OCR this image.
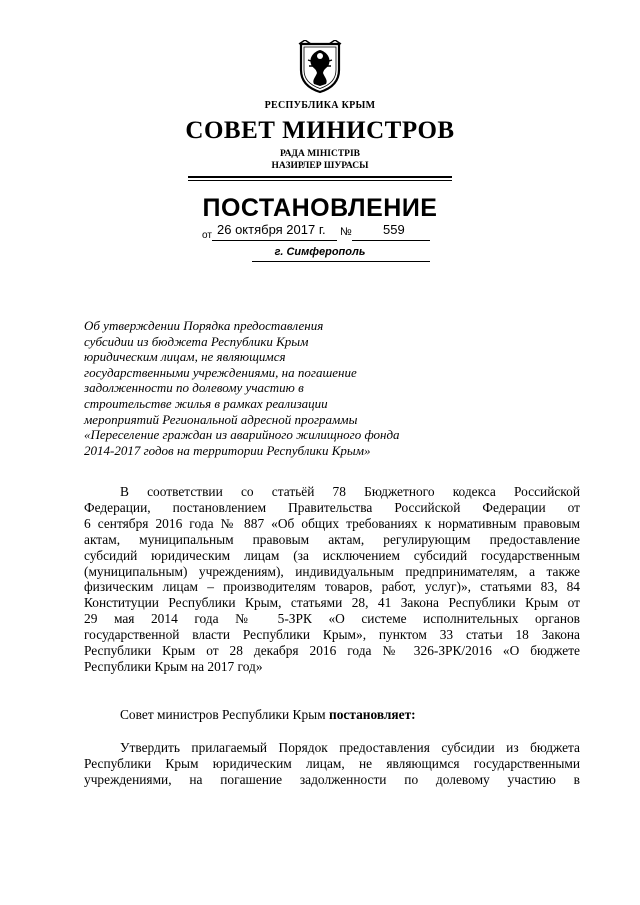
РЕСПУБЛИКА КРЫМ
СОВЕТ МИНИСТРОВ
РАДА МІНІСТРІВ
НАЗИРЛЕР ШУРАСЫ
ПОСТАНОВЛЕНИЕ
от 26 октября 2017 г. № 559
г. Симферополь
Об утверждении Порядка предоставления
субсидии из бюджета Республики Крым
юридическим лицам, не являющимся
государственными учреждениями, на погашение
задолженности по долевому участию в
строительстве жилья в рамках реализации
мероприятий Региональной адресной программы
«Переселение граждан из аварийного жилищного фонда
2014-2017 годов на территории Республики Крым»
В соответствии со статьёй 78 Бюджетного кодекса Российской
Федерации, постановлением Правительства Российской Федерации от
6 сентября 2016 года № 887 «Об общих требованиях к нормативным правовым
актам, муниципальным правовым актам, регулирующим предоставление
субсидий юридическим лицам (за исключением субсидий государственным
(муниципальным) учреждениям), индивидуальным предпринимателям, а также
физическим лицам – производителям товаров, работ, услуг)», статьями 83, 84
Конституции Республики Крым, статьями 28, 41 Закона Республики Крым от
29 мая 2014 года № 5-ЗРК «О системе исполнительных органов
государственной власти Республики Крым», пунктом 33 статьи 18 Закона
Республики Крым от 28 декабря 2016 года № 326-ЗРК/2016 «О бюджете
Республики Крым на 2017 год»
Совет министров Республики Крым постановляет:
Утвердить прилагаемый Порядок предоставления субсидии из бюджета
Республики Крым юридическим лицам, не являющимся государственными
учреждениями, на погашение задолженности по долевому участию в
